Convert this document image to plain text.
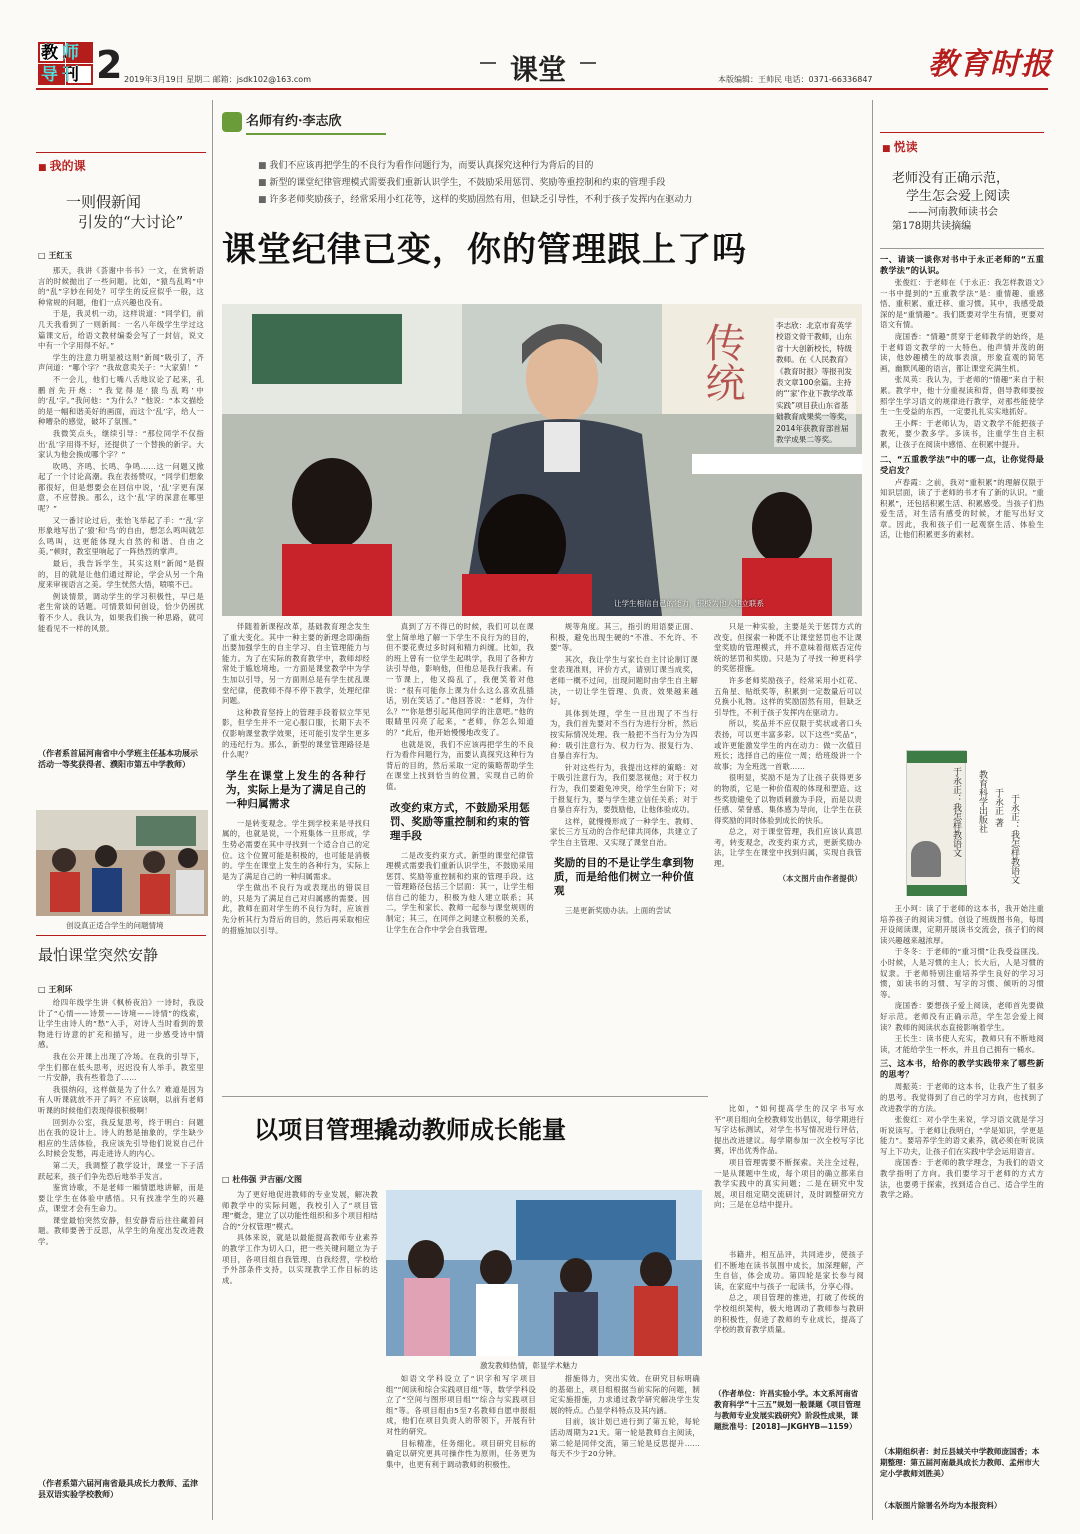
教师导刊 2 2019年3月19日 星期二 邮箱：jsdk102@163.com	课堂	本版编辑：王帅民 电话：0371-66336847 教育时报
■ 我的课
一则假新闻
引发的“大讨论”
□ 王红玉

那天，我讲《荟谢中书书》一文，在赏析语言的时候抛出了一些问题。比如，“猿鸟乱鸣”中的“乱”字妙在何处？可学生的反应似乎一般，这种常规的问题，他们一点兴趣也没有。

于是，我灵机一动，这样说道：“同学们，前几天我看到了一则新闻：一名八年级学生学过这篇课文后，给语文教材编委会写了一封信，说文中有一个字用得不好。”

学生的注意力明显被这则“新闻”吸引了，齐声问道：“哪个字？”我故意卖关子：“大家猜！”

不一会儿，他们七嘴八舌地议论了起来，孔鹏首先开炮：“我觉得是‘猿鸟乱鸣’中的‘乱’字。”我问他：“为什么？”他说：“本文描绘的是一幅和谐美好的画面，而这个‘乱’字，给人一种嘈杂的感觉，破坏了氛围。”

我微笑点头，继续引导：“那位同学不仅指出‘乱’字用得不好，还提供了一个替换的新字。大家认为他会换成哪个字？”

吹鸣、齐鸣、长鸣、争鸣……这一问题又掀起了一个讨论高潮。我在表扬赞叹，“同学们想象都很好，但是想要会在回信中说，‘乱’字更有深意，不应替换。那么，这个‘乱’字的深意在哪里呢？”

又一番讨论过后，张怡飞举起了手：“‘乱’字形象地写出了‘猿’和‘鸟’的自由，想怎么鸣叫就怎么鸣叫，这更能体现大自然的和谐、自由之美。”顿时，教室里响起了一阵热烈的掌声。

最后，我告诉学生，其实这则“新闻”是假的，目的就是让他们通过辩论，学会从另一个角度来审视语言之美。学生恍然大悟，喷喷不已。

例谈情景，调动学生的学习积极性，早已是老生常谈的话题。可情景如何创设，恰少仍困扰着不少人。我认为，如果我们换一种思路，就可能看见不一样的风景。

（作者系首届河南省中小学班主任基本功展示活动一等奖获得者、濮阳市第五中学教师）
创设真正适合学生的问题情境
最怕课堂突然安静
□ 王利环

给四年级学生讲《枫桥夜泊》一诗时，我设计了“心情——诗景——诗境——诗情”的线索，让学生由诗人的“愁”入手，对诗人当时看到的景物进行诗意的扩充和描写，进一步感受诗中情感。

我在公开课上出现了冷场。在我的引导下，学生们都在低头思考，迟迟没有人举手。教室里一片安静，我有些着急了……

我很纳闷，这样做是为了什么？难道是因为有人听课就放不开了吗？不应该啊，以前有老师听课的时候他们表现得很积极啊！

回到办公室，我反复思考，终于明白：问题出在我的设计上。诗人的愁是抽象的，学生缺少相应的生活体验，我应该先引导他们说说自己什么时候会发愁，再走进诗人的内心。

第二天，我调整了教学设计，课堂一下子活跃起来，孩子们争先恐后地举手发言。

鉴赏诗歌，不是老师一厢情愿地讲解，而是要让学生在体验中感悟。只有找准学生的兴趣点，课堂才会有生命力。

课堂最怕突然安静，但安静背后往往藏着问题。教师要善于反思，从学生的角度出发改进教学。

（作者系第六届河南省最具成长力教师、孟津县双语实验学校教师）
名师有约·李志欣
■ 我们不应该再把学生的不良行为看作问题行为，而要认真探究这种行为背后的目的
■ 新型的课堂纪律管理模式需要我们重新认识学生，不鼓励采用惩罚、奖励等重控制和约束的管理手段
■ 许多老师奖励孩子，经常采用小红花等，这样的奖励固然有用，但缺乏引导性，不利于孩子发挥内在驱动力
课堂纪律已变，你的管理跟上了吗
传统	李志欣：北京市育英学校语文骨干教师，山东省十大创新校长，特级教师。在《人民教育》《教育时报》等报刊发表文章100余篇。主持的“‘家’作业下教学改革实践”项目获山东省基础教育成果奖一等奖，2014年获教育部首届教学成果二等奖。
让学生相信自己的能力，积极为他人建立联系

伴随着新课程改革，基础教育理念发生了重大变化。其中一种主要的新理念即确指出要加强学生的自主学习、自主管理能力与能力。为了在实际的教育教学中，教师却经常处于尴尬境地。一方面是课堂教学中为学生加以引导，另一方面则总是有学生扰乱课堂纪律，使教师不得不停下教学，处理纪律问题。

这种教育坚持上的管理手段着似立竿见影，但学生并不一定心服口服，长期下去不仅影响课堂教学效果，还可能引发学生更多的违纪行为。那么，新型的课堂管理路径是什么呢？

学生在课堂上发生的各种行为，实际上是为了满足自己的一种归属需求

一是转变观念。学生到学校来是寻找归属的，也就是说，一个班集体一旦形成，学生势必需要在其中寻找到一个适合自己的定位。这个位置可能是积极的，也可能是消极的。学生在课堂上发生的各种行为，实际上是为了满足自己的一种归属需求。

学生做出不良行为或表现出的错误目的，只是为了满足自己对归属感的需要。因此，教师在面对学生的不良行为时，应该首先分析其行为背后的目的，然后再采取相应的措施加以引导。

真到了万不得已的时候，我们可以在课堂上简单地了解一下学生不良行为的目的，但不要花费过多时间和精力纠缠。比如，我的班上曾有一位学生起哄学，我用了各种方法引导他，影响他，但他总是我行我素。有一节课上，他又捣乱了，我便笑着对他说：“很有可能你上课为什么这么喜欢乱插话，别在笑话了。”他回答说：“老师，为什么？”“你是想引起其他同学的注意吧。”他的眼睛里闪亮了起来，“老师，你怎么知道的？”此后，他开始慢慢地改变了。

也就是说，我们不应该再把学生的不良行为看作问题行为，而要认真探究这种行为背后的目的，然后采取一定的策略帮助学生在课堂上找到恰当的位置，实现自己的价值。

改变约束方式，不鼓励采用惩罚、奖励等重控制和约束的管理手段

二是改变约束方式。新型的课堂纪律管理模式需要我们重新认识学生，不鼓励采用惩罚、奖励等重控制和约束的管理手段。这一管理路径包括三个层面：其一，让学生相信自己的能力，积极为他人建立联系；其二，学生和家长、教师一起参与课堂规则的制定；其三，在同伴之间建立积极的关系，让学生在合作中学会自我管理。

规等角度。其三，指引的用语要正面、积极，避免出现生硬的“不准、不允许、不要”等。

其次，我让学生与家长自主讨论制订课堂表现准则，评价方式，请别订课当成奖，老师一概不过问，出现问题时由学生自主解决，一切让学生管理、负责、效果越来越好。

具体到处理，学生一旦出现了不当行为，我们首先要对不当行为进行分析，然后按实际情况处理。我一般把不当行为分为四种：吸引注意行为、权力行为、报复行为、自暴自弃行为。

针对这些行为，我提出这样的策略：对于吸引注意行为，我们要忽视他；对于权力行为，我们要避免冲突，给学生台阶下；对于报复行为，要与学生建立信任关系；对于自暴自弃行为，要鼓励他，让他体验成功。

这样，就慢慢形成了一种学生、教师、家长三方互动的合作纪律共同体，共建立了学生自主管理、又实现了课堂自治。

奖励的目的不是让学生拿到物质，而是给他们树立一种价值观

三是更新奖励办法。上面的尝试

只是一种实验，主要是关于惩罚方式的改变。但探索一种既不让课堂惩罚也不让课堂奖励的管理模式，并不意味着彻底否定传统的惩罚和奖励。只是为了寻找一种更科学的奖惩措施。

许多老师奖励孩子，经常采用小红花、五角星、贴纸奖等，积累到一定数量后可以兑换小礼物。这样的奖励固然有用，但缺乏引导性，不利于孩子发挥内在驱动力。

所以，奖品并不应仅限于奖状或者口头表扬，可以更丰富多彩。以下这些“奖品”，或许更能激发学生的内在动力：做一次值日班长；选择自己的座位一周；给班级讲一个故事；为全班选一首歌……

很明显，奖励不是为了让孩子获得更多的物质，它是一种价值观的体现和塑造。这些奖励避免了以物质刺激为手段，而是以责任感、荣誉感、集体感为导向，让学生在获得奖励的同时体验到成长的快乐。

总之，对于课堂管理，我们应该认真思考，转变观念，改变约束方式，更新奖励办法，让学生在课堂中找到归属，实现自我管理。

（本文图片由作者提供）
以项目管理撬动教师成长能量
□ 杜伟强 尹吉丽/文图
激发教师热情，彰显学术魅力

为了更好地促进教师的专业发展，解决教师教学中的实际问题，我校引入了“项目管理”概念，建立了以功能性组织和多个项目相结合的“分权管理”模式。

具体来说，就是以最能提高教师专业素养的教学工作为切入口，把一些关键问题立为子项目，各项目组自我管理、自我经营，学校给予外部条件支持，以实现教学工作目标的达成。

如语文学科设立了“识字和写字项目组”“阅读和综合实践项目组”等，数学学科设立了“空间与图形项目组”“综合与实践项目组”等。各项目组由5至7名教师自愿申报组成，他们在项目负责人的带领下，开展有针对性的研究。

目标精准，任务细化。项目研究目标的确定以研究更具可操作性为原则，任务更为集中，也更有利于调动教师的积极性。

措施得力，突出实效。在研究目标明确的基础上，项目组根据当前实际的问题，制定实施措施，力求通过教学研究解决学生发展的特点。凸显学科特点及其内涵。

目前，该计划已进行到了第五轮，每轮活动周期为21天。第一轮是教师自主阅读，第二轮是同伴交流，第三轮是反思提升……每天不少于20分钟。

书籍并，相互品评，共同进步，使孩子们不断地在读书氛围中成长，加深理解，产生自信，体会成功。第四轮是家长参与阅读，在家庭中与孩子一起读书，分享心得。

总之，项目管理的推进，打破了传统的学校组织架构，极大地调动了教师参与教研的积极性，促进了教师的专业成长，提高了学校的教育教学质量。

比如，“如何提高学生的汉字书写水平”项目组向全校教师发出倡议，每学期进行写字达标测试，对学生书写情况进行评估，提出改进建议。每学期参加一次全校写字比赛，评出优秀作品。

项目管理需要不断探索。关注全过程，一是从课题中生成，每个项目的确立都来自教学实践中的真实问题；二是在研究中发展，项目组定期交流研讨，及时调整研究方向；三是在总结中提升。

（作者单位：许昌实验小学。本文系河南省教育科学“十三五”规划一般课题《项目管理与教师专业发展实践研究》阶段性成果，课题批准号：[2018]—JKGHYB—1159）
■ 悦读
老师没有正确示范，
学生怎会爱上阅读
——河南教师读书会
第178期共读摘编
一、请谈一谈你对书中于永正老师的“五重教学法”的认识。

张俊红：于老师在《于永正：我怎样教语文》一书中提到的“五重教学法”是：重情趣、重感悟、重积累、重迁移、重习惯。其中，我感受最深的是“重情趣”。我们既要对学生有情，更要对语文有情。

庞国香：“情趣”贯穿于老师教学的始终，是于老师语文教学的一大特色。他声情并茂的朗读，他妙趣横生的故事表演，形象直观的简笔画，幽默风趣的语言，都让课堂充满生机。

张凤英：我认为，于老师的“情趣”来自于积累。教学中，他十分重视读和背，倡导教师要按照学生学习语文的规律进行教学，对那些能使学生一生受益的东西，一定要扎扎实实地抓好。

王小辉：于老师认为，语文教学不能把孩子教死，要少教多学。多读书，注重学生自主积累，让孩子在阅读中感悟、在积累中提升。

二、“五重教学法”中的哪一点，让你觉得最受启发？

卢春霞：之前，我对“重积累”的理解仅限于知识层面，读了于老师的书才有了新的认识。“重积累”，还包括积累生活、积累感受。当孩子们热爱生活，对生活有感受的时候，才能写出好文章。因此，我和孩子们一起观察生活、体验生活，让他们积累更多的素材。

于永正：我怎样教语文 教育科学出版社 于永正 著 于永正：我怎样教语文

王小珂：读了于老师的这本书，我开始注重培养孩子的阅读习惯。创设了班级图书角，每周开设阅读课，定期开展读书交流会，孩子们的阅读兴趣越来越浓厚。

于冬冬：于老师的“重习惯”让我受益匪浅。小时候，人是习惯的主人；长大后，人是习惯的奴隶。于老师特别注重培养学生良好的学习习惯，如读书的习惯、写字的习惯、倾听的习惯等。

庞国香：要想孩子爱上阅读，老师首先要做好示范。老师没有正确示范，学生怎会爱上阅读？教师的阅读状态直接影响着学生。

王长生：读书使人充实，教师只有不断地阅读，才能给学生一杯水，并且自己拥有一桶水。

三、这本书，给你的教学实践带来了哪些新的思考？

周振英：于老师的这本书，让我产生了很多的思考。我觉得到了自己的学习方向，也找到了改进教学的方法。

张俊红：对小学生来说，学习语文就是学习听说读写。于老师让我明白，“学是知识，学更是能力”。要培养学生的语文素养，就必须在听说读写上下功夫，让孩子们在实践中学会运用语言。

庞国香：于老师的教学理念，为我们的语文教学指明了方向。我们要学习于老师的方式方法，也要勇于探索，找到适合自己、适合学生的教学之路。

（本期组织者：封丘县城关中学教师庞国香；本期整理：第五届河南最具成长力教师、孟州市大定小学教师刘胜美）
（本版图片除署名外均为本报资料）
